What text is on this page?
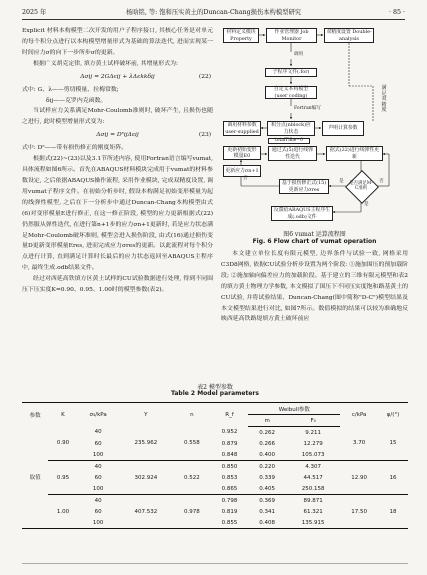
2025 年	杨晗铭, 等: 饱和压实黄土的Duncan-Chang损伤本构模型研究	· 85 ·

Explicit 材料本构模型二次开发的用户子程序接口, 其核心任务是对单元的每个积分点进行以本构模型增量形式为基础的算法迭代, 进而实现某一时间应力σ的向下一步所步σ的更新。

根据广义胡克定律, 填方黄土试样破坏前, 其增量形式为:

Δσij = 2GΔεij + λΔεkkδij	(22)

式中: G、λ——剪切模量、拉梅常数;

δij——克罗内克函数。

当试样应力关系满足Mohr-Coulomb准则时, 破坏产生, 且损伤也随之进行, 此时模型增量形式变为:

Δσij = DᵉijΔεij	(23)

式中: Dᵉ——带有损伤修正的刚度矩阵。

根据式(22)~(23)以及3.1节所述内容, 使用Fortran语言编写vumat, 具体流程如图6所示。首先在ABAQUS材料模块完成用于vumat的材料参数设定, 之后依据ABAQUS操作流程, 采用作业模块, 完成双精度设置, 调用vumat子程序文件。在初始分析步时, 假设本构满足初始变形模量为起的线弹性模型, 之后在下一分析步中通过Duncan-Chang本构模型由式(6)对变形模量E进行修正, 在这一修正阶段, 模型的应力更新根据式(22)仍然服从弹性迭代, 在进行第n+1步的应力σn+1更新时, 若是应力状态满足Mohr-Coulomb破坏准则, 模型会进入损伤阶段, 由式(16)通过损伤变量D更新变形模量Eres, 进而完成应力σres的更新。以此流程对每个积分点进行计算, 直到满足计算时长最后的应力状态返回至ABAQUS主程序中, 最终生成.odb结果文件。

经过对西延高铁填方区黄土试样的CU试验数据进行处理, 得到不同围压下压实度K=0.90、0.95、1.00时的模型参数(表2)。

材料定义模块 Property
作业管理器 Job Monitor
双精度设置 Double-analysis
调用
子程序文件(.for)
自定义本构模型 (user coding)
Fortran编写
调用材料参数 user-supplied
积分点(nblock)应力状态
声明计算参数
满足双精度
totalTime=0
更新初始变形模量E0
通过式(5)进行线弹性迭代
据式(22)进行线弹性更新
更新应力σn+1
基于损伤修正式(15)更新应力σres
是否满足M-C准则
是	否
是
否
反馈给ABAQUS主程序生成(.odb)文件
图6 vumat 运算流程图
Fig. 6 Flow chart of vumat operation

本文建立单位长度有限元模型, 边界条件与试验一致, 网格采用C3D8网格, 依据CU试验分析步设置为两个阶段: ①施加围压的预加载阶段; ②施加轴向偏差应力的加载阶段。基于建立的三维有限元模型和表2的填方黄土物理力学参数, 本文模拟了围压下不同压实度饱和路基黄土的CU试验, 并将试验结果、Duncan-Chang(图中简称"D-C")模型结果及本文模型结果进行对比, 如图7所示。数值模拟的结果可以较为准确地反映西延高铁路堤填方黄土破坏前应

表2 模型参数
Table 2 Model parameters
参数	K	σ₃/kPa	Y	n	R_f	Weibull参数		c/kPa	φ/(°)
						m	F₀		
取值	0.90	40	235.962	0.558	0.952	0.262	9.211	3.70	15
		60			0.879	0.266	12.279		
		100			0.848	0.400	105.073		
	0.95	40	302.924	0.522	0.850	0.220	4.307	12.90	16
		60			0.853	0.339	44.517		
		100			0.865	0.405	250.158		
	1.00	40	407.532	0.978	0.798	0.369	89.871	17.50	18
		60			0.819	0.341	61.321		
		100			0.855	0.408	135.915		
